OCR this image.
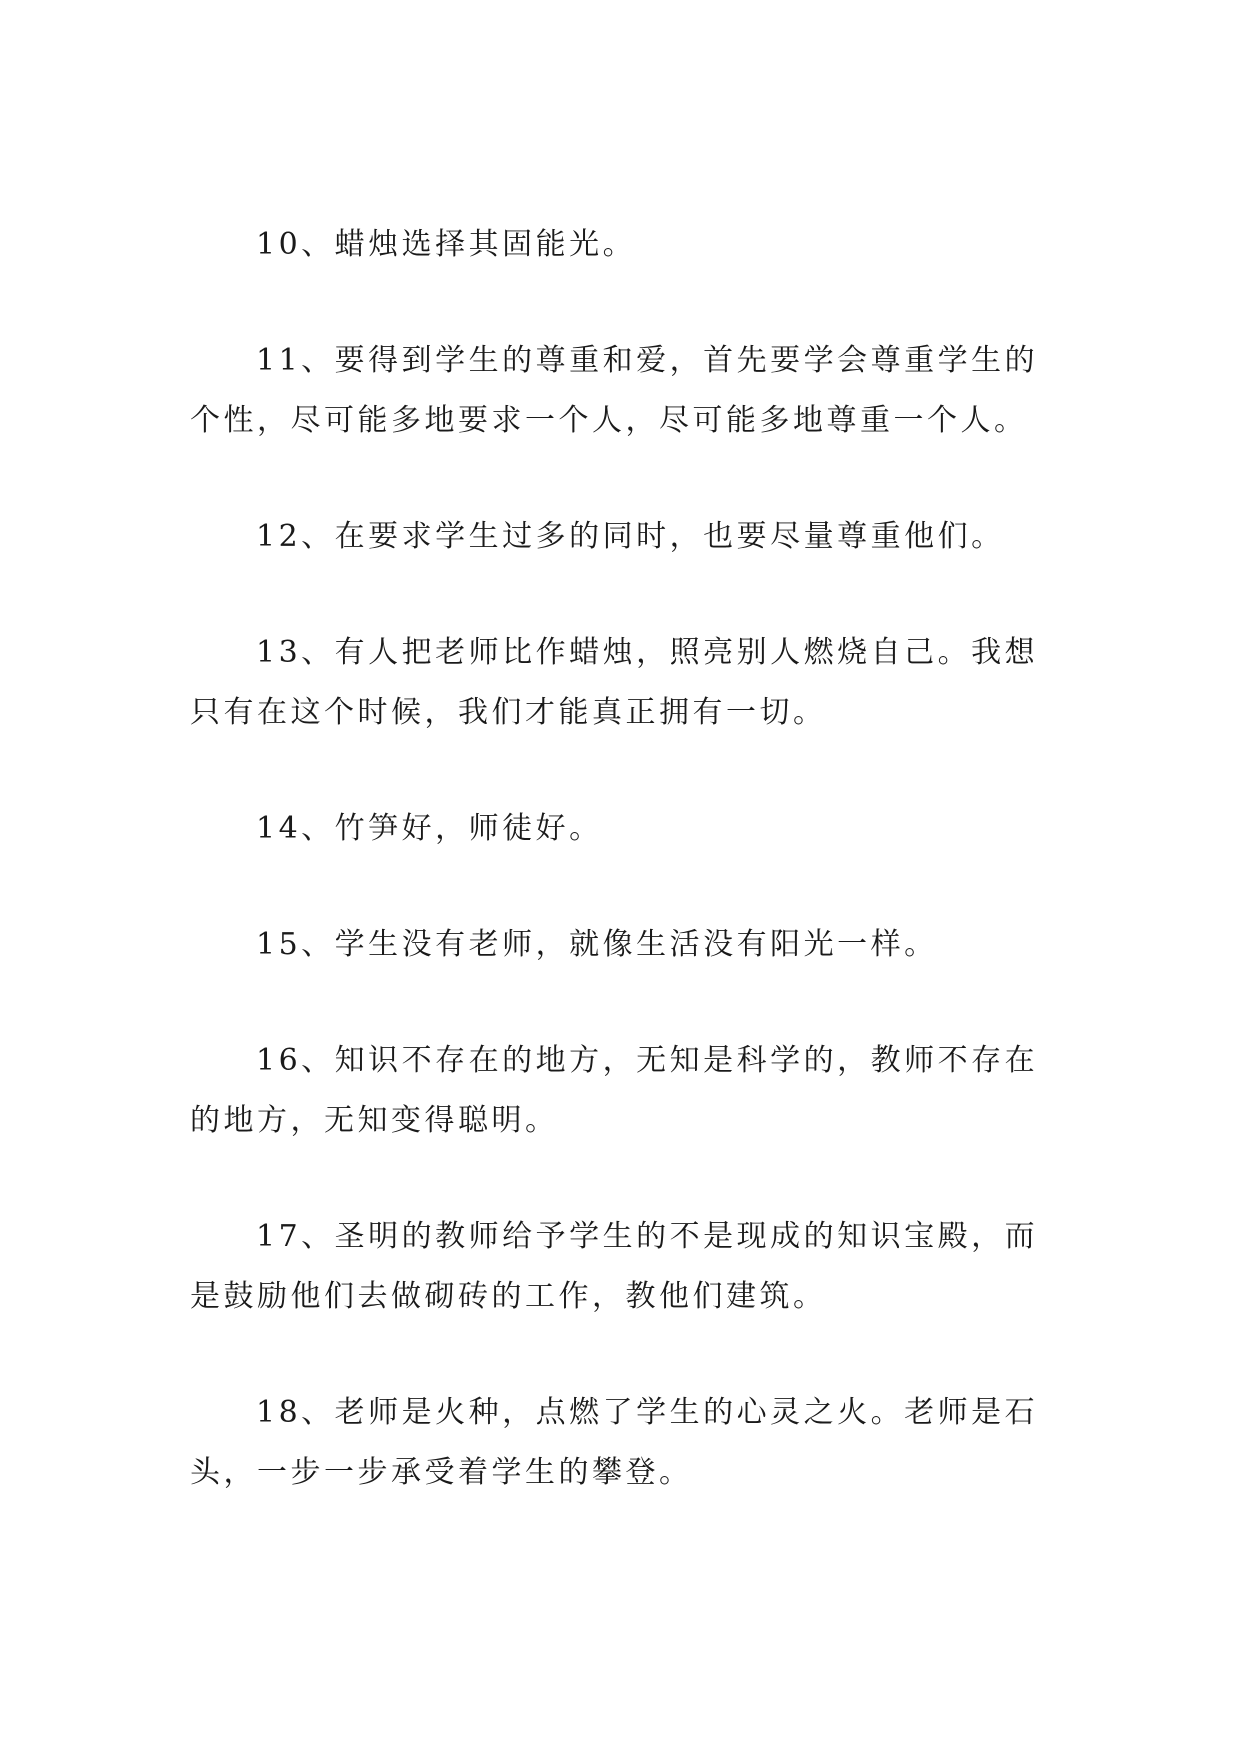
10、蜡烛选择其固能光。

11、要得到学生的尊重和爱，首先要学会尊重学生的个性，尽可能多地要求一个人，尽可能多地尊重一个人。

12、在要求学生过多的同时，也要尽量尊重他们。

13、有人把老师比作蜡烛，照亮别人燃烧自己。我想只有在这个时候，我们才能真正拥有一切。

14、竹笋好，师徒好。

15、学生没有老师，就像生活没有阳光一样。

16、知识不存在的地方，无知是科学的，教师不存在的地方，无知变得聪明。

17、圣明的教师给予学生的不是现成的知识宝殿，而是鼓励他们去做砌砖的工作，教他们建筑。

18、老师是火种，点燃了学生的心灵之火。老师是石头，一步一步承受着学生的攀登。
